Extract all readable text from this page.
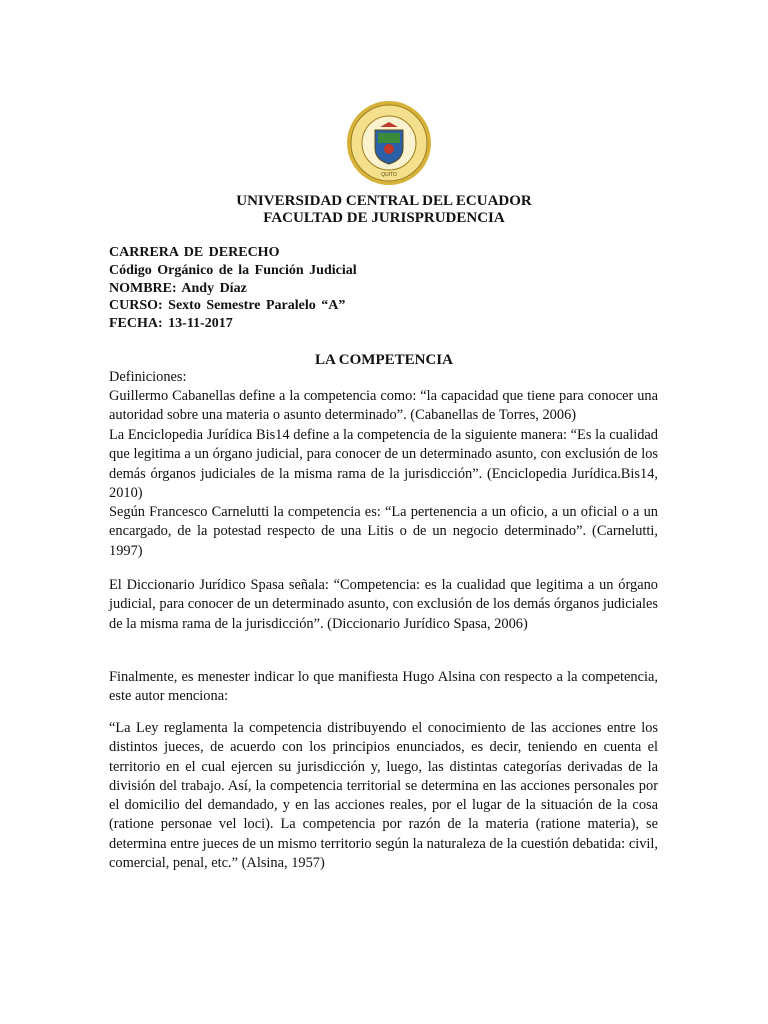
QUITO
UNIVERSIDAD CENTRAL DEL ECUADOR
FACULTAD DE JURISPRUDENCIA
CARRERA DE DERECHO
Código Orgánico de la Función Judicial
NOMBRE: Andy Díaz
CURSO: Sexto Semestre Paralelo “A”
FECHA: 13-11-2017
LA COMPETENCIA
Definiciones:

Guillermo Cabanellas define a la competencia como: “la capacidad que tiene para conocer una autoridad sobre una materia o asunto determinado”. (Cabanellas de Torres, 2006)

La Enciclopedia Jurídica Bis14 define a la competencia de la siguiente manera: “Es la cualidad que legitima a un órgano judicial, para conocer de un determinado asunto, con exclusión de los demás órganos judiciales de la misma rama de la jurisdicción”. (Enciclopedia Jurídica.Bis14, 2010)

Según Francesco Carnelutti la competencia es: “La pertenencia a un oficio, a un oficial o a un encargado, de la potestad respecto de una Litis o de un negocio determinado”. (Carnelutti, 1997)

El Diccionario Jurídico Spasa señala: “Competencia: es la cualidad que legitima a un órgano judicial, para conocer de un determinado asunto, con exclusión de los demás órganos judiciales de la misma rama de la jurisdicción”. (Diccionario Jurídico Spasa, 2006)

Finalmente, es menester indicar lo que manifiesta Hugo Alsina con respecto a la competencia, este autor menciona:

“La Ley reglamenta la competencia distribuyendo el conocimiento de las acciones entre los distintos jueces, de acuerdo con los principios enunciados, es decir, teniendo en cuenta el territorio en el cual ejercen su jurisdicción y, luego, las distintas categorías derivadas de la división del trabajo. Así, la competencia territorial se determina en las acciones personales por el domicilio del demandado, y en las acciones reales, por el lugar de la situación de la cosa (ratione personae vel loci). La competencia por razón de la materia (ratione materia), se determina entre jueces de un mismo territorio según la naturaleza de la cuestión debatida: civil, comercial, penal, etc.” (Alsina, 1957)
